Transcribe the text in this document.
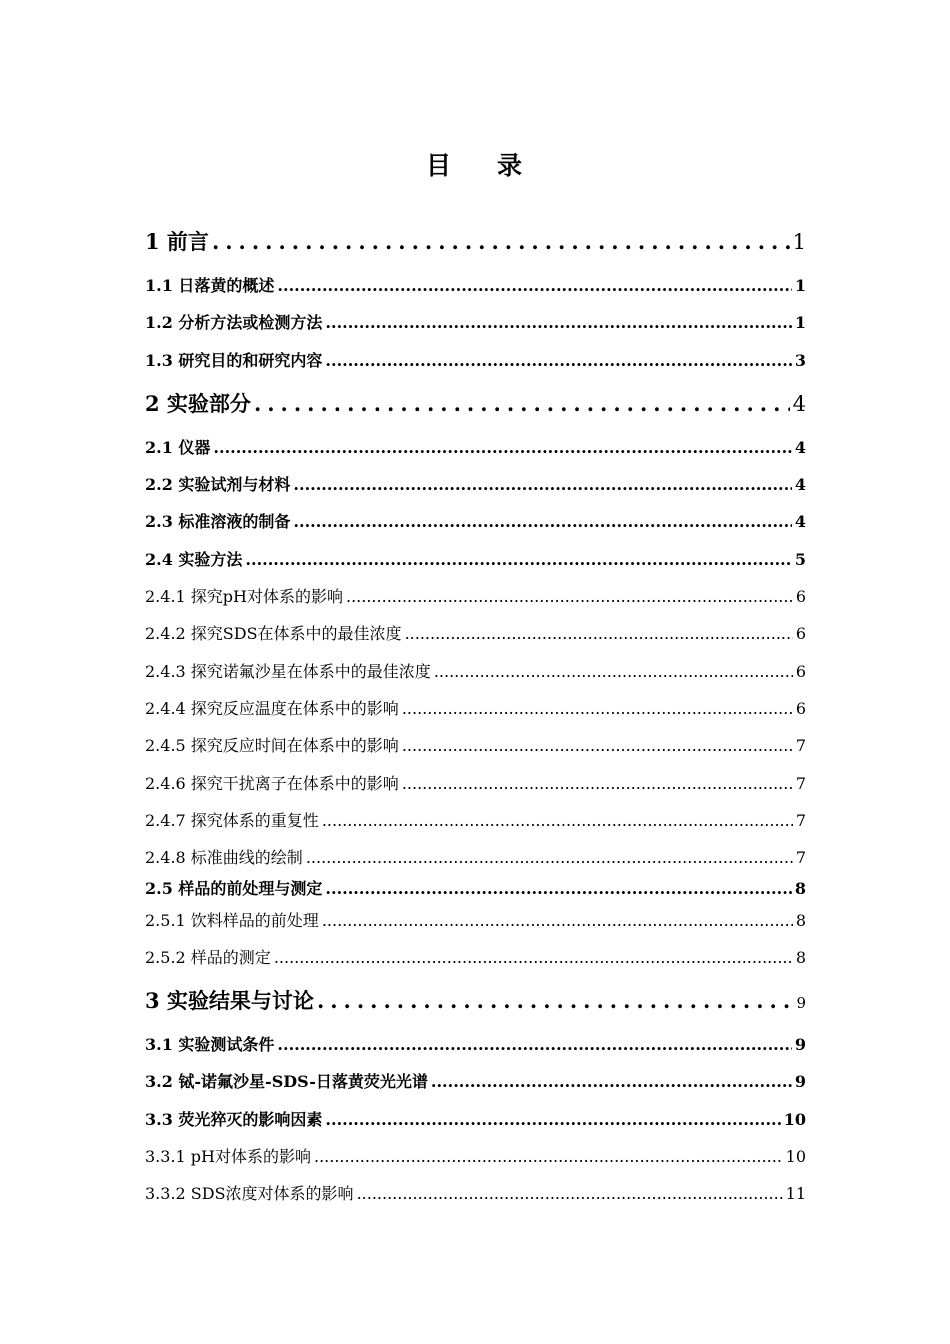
目 录
1 前言 .....	1
1.1 日落黄的概述 .....	1
1.2 分析方法或检测方法 .....	1
1.3 研究目的和研究内容 .....	3
2 实验部分 .....	4
2.1 仪器 .....	4
2.2 实验试剂与材料 .....	4
2.3 标准溶液的制备 .....	4
2.4 实验方法 .....	5
2.4.1 探究pH对体系的影响 .....	6
2.4.2 探究SDS在体系中的最佳浓度 .....	6
2.4.3 探究诺氟沙星在体系中的最佳浓度 .....	6
2.4.4 探究反应温度在体系中的影响 .....	6
2.4.5 探究反应时间在体系中的影响 .....	7
2.4.6 探究干扰离子在体系中的影响 .....	7
2.4.7 探究体系的重复性 .....	7
2.4.8 标准曲线的绘制 .....	7
2.5 样品的前处理与测定 .....	8
2.5.1 饮料样品的前处理 .....	8
2.5.2 样品的测定 .....	8
3 实验结果与讨论 .....	9
3.1 实验测试条件 .....	9
3.2 铽-诺氟沙星-SDS-日落黄荧光光谱 .....	9
3.3 荧光猝灭的影响因素 .....	10
3.3.1 pH对体系的影响 .....	10
3.3.2 SDS浓度对体系的影响 .....	11
